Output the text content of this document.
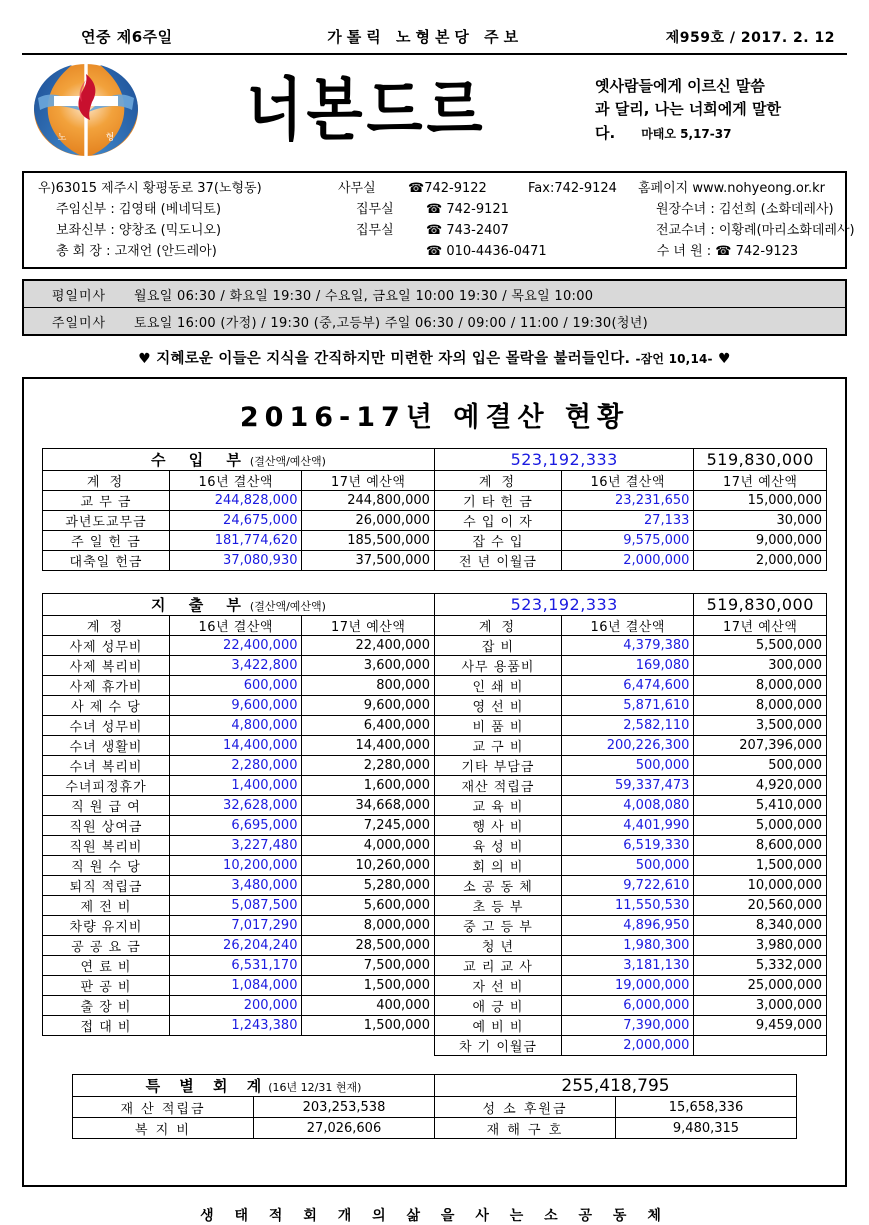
연중 제6주일	가톨릭 노형본당 주보	제959호 / 2017. 2. 12
노	형	너본드르	옛사람들에게 이르신 말씀
과 달리, 나는 너희에게 말한
다.	마태오 5,17-37
우)63015 제주시 황평동로 37(노형동)	사무실	☎742-9122	Fax:742-9124	홈페이지 www.nohyeong.or.kr
주임신부 : 김영태 (베네딕토)	집무실	☎ 742-9121	원장수녀 : 김선희 (소화데레사)
보좌신부 : 양창조 (믹도니오)	집무실	☎ 743-2407	전교수녀 : 이황례(마리소화데레사)
총 회 장 : 고재언 (안드레아)	☎ 010-4436-0471	수 녀 원 : ☎ 742-9123
평일미사	월요일 06:30 / 화요일 19:30 / 수요일, 금요일 10:00 19:30 / 목요일 10:00
주일미사	토요일 16:00 (가정) / 19:30 (중,고등부) 주일 06:30 / 09:00 / 11:00 / 19:30(청년)
♥ 지혜로운 이들은 지식을 간직하지만 미련한 자의 입은 몰락을 불러들인다. -잠언 10,14- ♥
2016-17년 예결산 현황
수 입 부(결산액/예산액)			523,192,333		519,830,000
계 정	16년 결산액	17년 예산액	계 정	16년 결산액	17년 예산액
교 무 금	244,828,000	244,800,000	기 타 헌 금	23,231,650	15,000,000
과년도교무금	24,675,000	26,000,000	수 입 이 자	27,133	30,000
주 일 헌 금	181,774,620	185,500,000	잡 수 입	9,575,000	9,000,000
대축일 헌금	37,080,930	37,500,000	전 년 이월금	2,000,000	2,000,000
지 출 부(결산액/예산액)			523,192,333		519,830,000
계 정	16년 결산액	17년 예산액	계 정	16년 결산액	17년 예산액
사제 성무비	22,400,000	22,400,000	잡 비	4,379,380	5,500,000
사제 복리비	3,422,800	3,600,000	사무 용품비	169,080	300,000
사제 휴가비	600,000	800,000	인 쇄 비	6,474,600	8,000,000
사 제 수 당	9,600,000	9,600,000	영 선 비	5,871,610	8,000,000
수녀 성무비	4,800,000	6,400,000	비 품 비	2,582,110	3,500,000
수녀 생활비	14,400,000	14,400,000	교 구 비	200,226,300	207,396,000
수녀 복리비	2,280,000	2,280,000	기타 부담금	500,000	500,000
수녀피정휴가	1,400,000	1,600,000	재산 적립금	59,337,473	4,920,000
직 원 급 여	32,628,000	34,668,000	교 육 비	4,008,080	5,410,000
직원 상여금	6,695,000	7,245,000	행 사 비	4,401,990	5,000,000
직원 복리비	3,227,480	4,000,000	육 성 비	6,519,330	8,600,000
직 원 수 당	10,200,000	10,260,000	회 의 비	500,000	1,500,000
퇴직 적립금	3,480,000	5,280,000	소 공 동 체	9,722,610	10,000,000
제 전 비	5,087,500	5,600,000	초 등 부	11,550,530	20,560,000
차량 유지비	7,017,290	8,000,000	중 고 등 부	4,896,950	8,340,000
공 공 요 금	26,204,240	28,500,000	청 년	1,980,300	3,980,000
연 료 비	6,531,170	7,500,000	교 리 교 사	3,181,130	5,332,000
판 공 비	1,084,000	1,500,000	자 선 비	19,000,000	25,000,000
출 장 비	200,000	400,000	애 긍 비	6,000,000	3,000,000
접 대 비	1,243,380	1,500,000	예 비 비	7,390,000	9,459,000
			차 기 이월금	2,000,000	
특 별 회 계(16년 12/31 현재)		255,418,795	
재 산 적립금	203,253,538	성 소 후원금	15,658,336
복 지 비	27,026,606	재 해 구 호	9,480,315
생 태 적 회 개 의 삶 을 사 는 소 공 동 체
